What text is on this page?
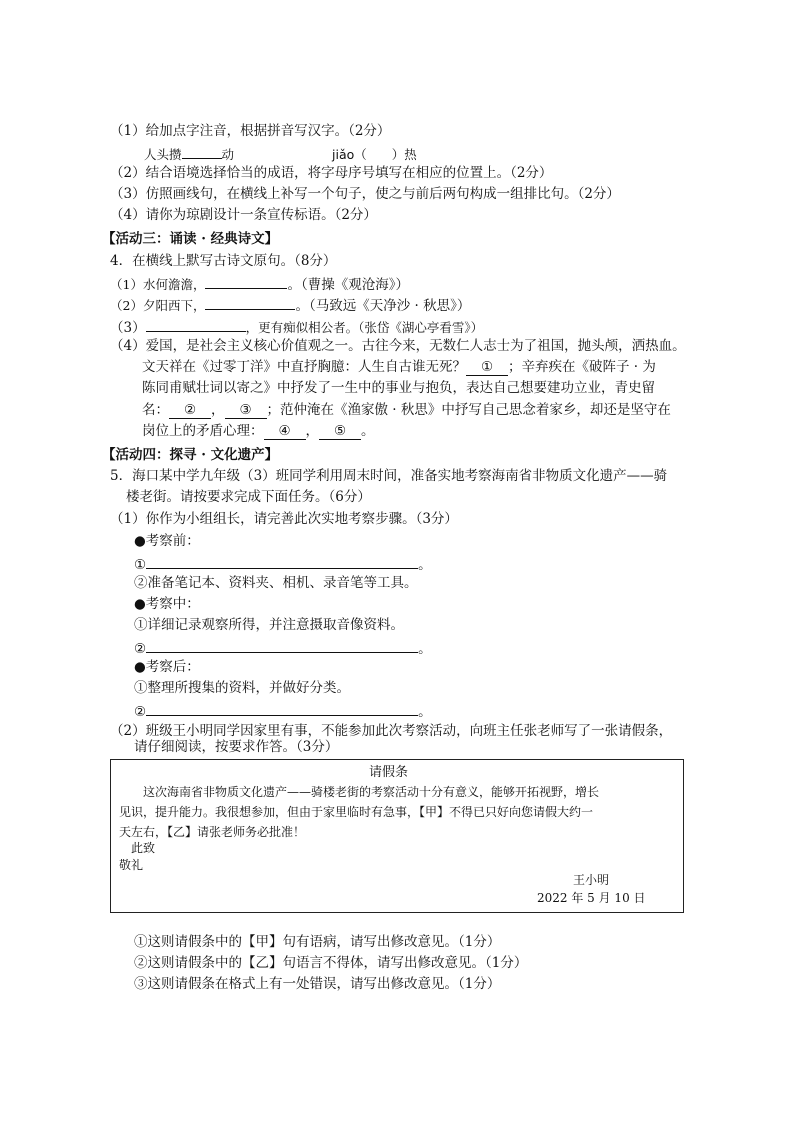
（1）给加点字注音，根据拼音写汉字。（2分）
人头攒	动	jiǎo（　　）热
（2）结合语境选择恰当的成语，将字母序号填写在相应的位置上。（2分）
（3）仿照画线句，在横线上补写一个句子，使之与前后两句构成一组排比句。（2分）
（4）请你为琼剧设计一条宣传标语。（2分）
【活动三：诵读 · 经典诗文】
4．在横线上默写古诗文原句。（8分）
（1）水何澹澹，	。（曹操《观沧海》）
（2）夕阳西下，	。（马致远《天净沙 · 秋思》）
（3）	，更有痴似相公者。（张岱《湖心亭看雪》）
（4）爱国，是社会主义核心价值观之一。古往今来，无数仁人志士为了祖国，抛头颅，洒热血。
文天祥在《过零丁洋》中直抒胸臆：人生自古谁无死？ ① ；辛弃疾在《破阵子 · 为
陈同甫赋壮词以寄之》中抒发了一生中的事业与抱负，表达自己想要建功立业，青史留
名： ② ， ③ ；范仲淹在《渔家傲 · 秋思》中抒写自己思念着家乡，却还是坚守在
岗位上的矛盾心理： ④ ， ⑤ 。
【活动四：探寻 · 文化遗产】
5．海口某中学九年级（3）班同学利用周末时间，准备实地考察海南省非物质文化遗产——骑
楼老街。请按要求完成下面任务。（6分）
（1）你作为小组组长，请完善此次实地考察步骤。（3分）
●考察前：
①	。
②准备笔记本、资料夹、相机、录音笔等工具。
●考察中：
①详细记录观察所得，并注意摄取音像资料。
②	。
●考察后：
①整理所搜集的资料，并做好分类。
②	。
（2）班级王小明同学因家里有事，不能参加此次考察活动，向班主任张老师写了一张请假条，
请仔细阅读，按要求作答。（3分）
请假条
这次海南省非物质文化遗产——骑楼老街的考察活动十分有意义，能够开拓视野，增长
见识，提升能力。我很想参加，但由于家里临时有急事，【甲】不得已只好向您请假大约一
天左右，【乙】请张老师务必批准！
此致
敬礼
王小明
2022 年 5 月 10 日
①这则请假条中的【甲】句有语病，请写出修改意见。（1分）
②这则请假条中的【乙】句语言不得体，请写出修改意见。（1分）
③这则请假条在格式上有一处错误，请写出修改意见。（1分）
